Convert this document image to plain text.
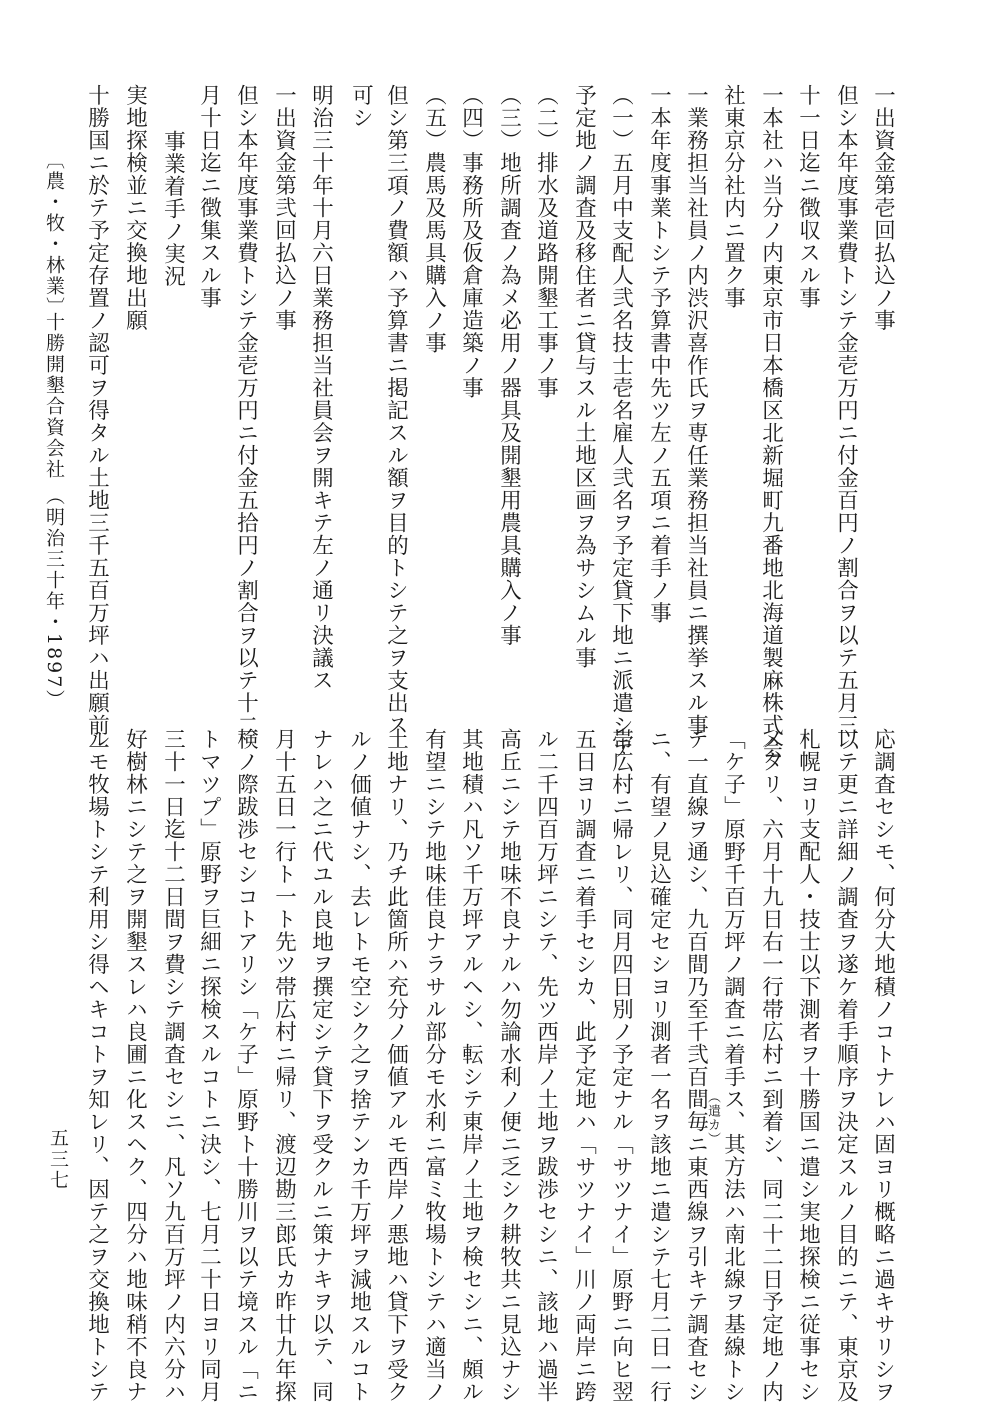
一出資金第壱回払込ノ事
但シ本年度事業費トシテ金壱万円ニ付金百円ノ割合ヲ以テ五月三
十一日迄ニ徴収スル事
一本社ハ当分ノ内東京市日本橋区北新堀町九番地北海道製麻株式会
社東京分社内ニ置ク事
一業務担当社員ノ内渋沢喜作氏ヲ専任業務担当社員ニ撰挙スル事
一本年度事業トシテ予算書中先ツ左ノ五項ニ着手ノ事
（一）五月中支配人弐名技士壱名雇人弐名ヲ予定貸下地ニ派遣シテ
予定地ノ調査及移住者ニ貸与スル土地区画ヲ為サシムル事
（二）排水及道路開墾工事ノ事
（三）地所調査ノ為メ必用ノ器具及開墾用農具購入ノ事
（四）事務所及仮倉庫造築ノ事
（五）農馬及馬具購入ノ事
但シ第三項ノ費額ハ予算書ニ掲記スル額ヲ目的トシテ之ヲ支出ス
可シ
明治三十年十月六日業務担当社員会ヲ開キテ左ノ通リ決議ス
一出資金第弐回払込ノ事
但シ本年度事業費トシテ金壱万円ニ付金五拾円ノ割合ヲ以テ十二
月十日迄ニ徴集スル事
事業着手ノ実況
実地探検並ニ交換地出願
十勝国ニ於テ予定存置ノ認可ヲ得タル土地三千五百万坪ハ出願前一
〔農・牧・林業〕
十勝開墾合資会社
（明治三十年・1897）
応調査セシモ、何分大地積ノコトナレハ固ヨリ概略ニ過キサリシヲ
以テ更ニ詳細ノ調査ヲ遂ケ着手順序ヲ決定スルノ目的ニテ、東京及
札幌ヨリ支配人・技士以下測者ヲ十勝国ニ遣シ実地探検ニ従事セシ
メタリ、六月十九日右一行帯広村ニ到着シ、同二十二日予定地ノ内
「ケ子」原野千百万坪ノ調査ニ着手ス、其方法ハ南北線ヲ基線トシ
テ一直線ヲ通シ、九百間乃至千弐百間毎ニ東西線ヲ引キテ調査セシ
ニ、有望ノ見込確定セシヨリ測者一名ヲ該地ニ遣シテ七月二日一行
帯広村ニ帰レリ、同月四日別ノ予定ナル「サツナイ」原野ニ向ヒ翌
五日ヨリ調査ニ着手セシカ、此予定地ハ「サツナイ」川ノ両岸ニ跨
ル二千四百万坪ニシテ、先ツ西岸ノ土地ヲ跋渉セシニ、該地ハ過半
高丘ニシテ地味不良ナルハ勿論水利ノ便ニ乏シク耕牧共ニ見込ナシ
其地積ハ凡ソ千万坪アルヘシ、転シテ東岸ノ土地ヲ検セシニ、頗ル
有望ニシテ地味佳良ナラサル部分モ水利ニ富ミ牧場トシテハ適当ノ
土地ナリ、乃チ此箇所ハ充分ノ価値アルモ西岸ノ悪地ハ貸下ヲ受ク
ルノ価値ナシ、去レトモ空シク之ヲ捨テンカ千万坪ヲ減地スルコト
ナレハ之ニ代ユル良地ヲ撰定シテ貸下ヲ受クルニ策ナキヲ以テ、同
月十五日一行ト一ト先ツ帯広村ニ帰リ、渡辺勘三郎氏カ昨廿九年探
検ノ際跋渉セシコトアリシ「ケ子」原野ト十勝川ヲ以テ境スル「ニ
トマツプ」原野ヲ巨細ニ探検スルコトニ決シ、七月二十日ヨリ同月
三十一日迄十二日間ヲ費シテ調査セシニ、凡ソ九百万坪ノ内六分ハ
好樹林ニシテ之ヲ開墾スレハ良圃ニ化スヘク、四分ハ地味稍不良ナ
ルモ牧場トシテ利用シ得ヘキコトヲ知レリ、因テ之ヲ交換地トシテ	（遣カ）
五三七
